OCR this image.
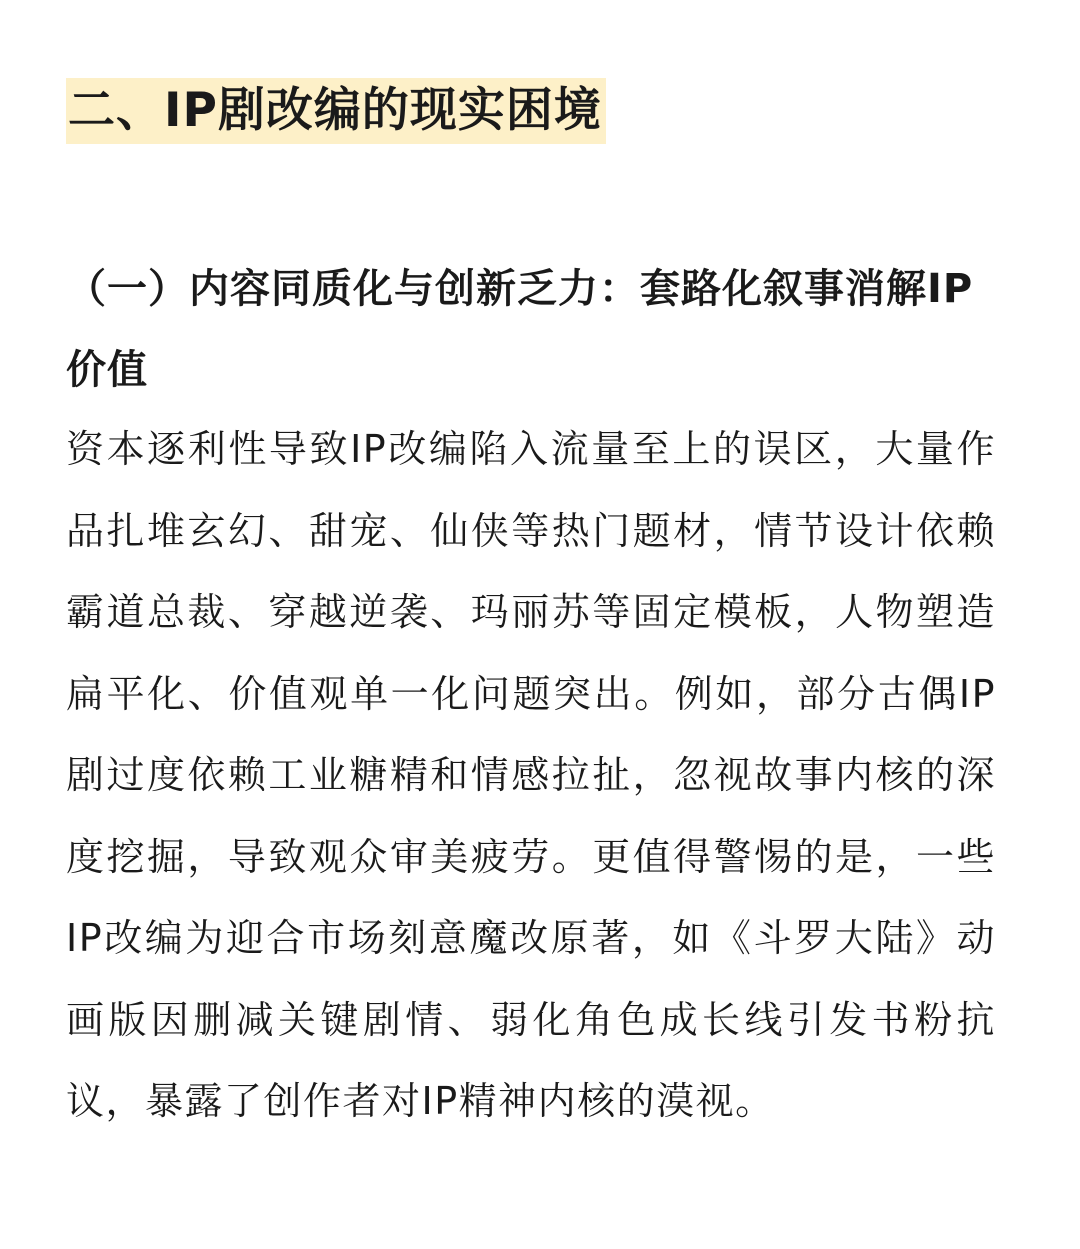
二、IP剧改编的现实困境
（一）内容同质化与创新乏力：套路化叙事消解IP价值

资本逐利性导致IP改编陷入流量至上的误区，大量作品扎堆玄幻、甜宠、仙侠等热门题材，情节设计依赖霸道总裁、穿越逆袭、玛丽苏等固定模板，人物塑造扁平化、价值观单一化问题突出。例如，部分古偶IP剧过度依赖工业糖精和情感拉扯，忽视故事内核的深度挖掘，导致观众审美疲劳。更值得警惕的是，一些IP改编为迎合市场刻意魔改原著，如《斗罗大陆》动画版因删减关键剧情、弱化角色成长线引发书粉抗议，暴露了创作者对IP精神内核的漠视。
